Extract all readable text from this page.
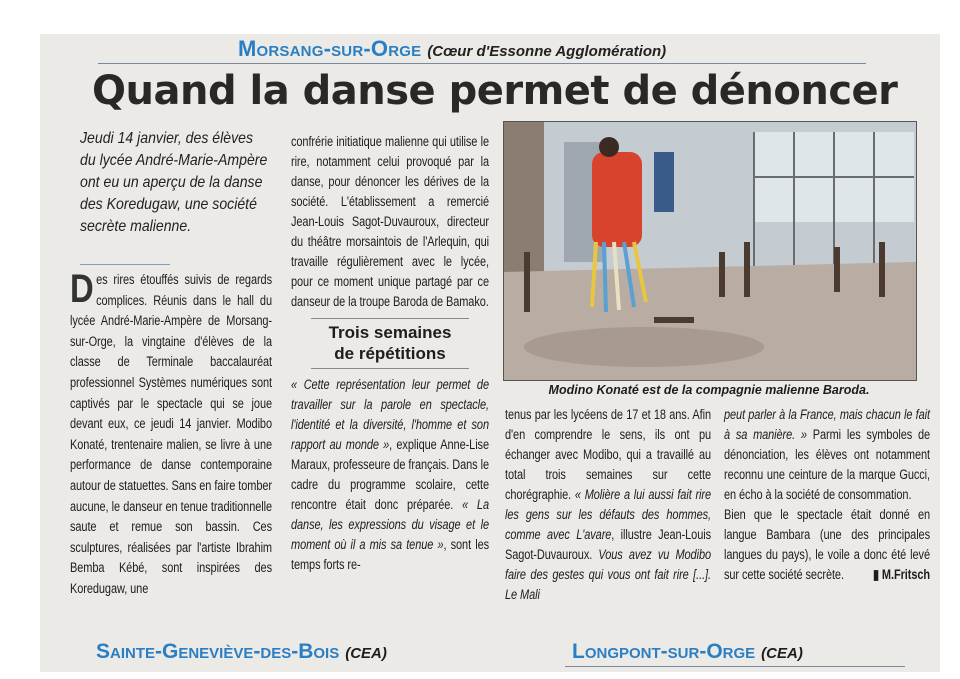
Morsang-sur-Orge (Cœur d'Essonne Agglomération)
Quand la danse permet de dénoncer
Jeudi 14 janvier, des élèves du lycée André-Marie-Ampère ont eu un aperçu de la danse des Koredugaw, une société secrète malienne.

Des rires étouffés suivis de regards complices. Réunis dans le hall du lycée André-Marie-Ampère de Morsang-sur-Orge, la vingtaine d'élèves de la classe de Terminale baccalauréat professionnel Systèmes numériques sont captivés par le spectacle qui se joue devant eux, ce jeudi 14 janvier. Modibo Konaté, trentenaire malien, se livre à une performance de danse contemporaine autour de statuettes. Sans en faire tomber aucune, le danseur en tenue traditionnelle saute et remue son bassin. Ces sculptures, réalisées par l'artiste Ibrahim Bemba Kébé, sont inspirées des Koredugaw, une

confrérie initiatique malienne qui utilise le rire, notamment celui provoqué par la danse, pour dénoncer les dérives de la société. L'établissement a remercié Jean-Louis Sagot-Duvauroux, directeur du théâtre morsaintois de l'Arlequin, qui travaille régulièrement avec le lycée, pour ce moment unique partagé par ce danseur de la troupe Baroda de Bamako.

Trois semaines
de répétitions

« Cette représentation leur permet de travailler sur la parole en spectacle, l'identité et la diversité, l'homme et son rapport au monde », explique Anne-Lise Maraux, professeure de français. Dans le cadre du programme scolaire, cette rencontre était donc préparée. « La danse, les expressions du visage et le moment où il a mis sa tenue », sont les temps forts re-

Modino Konaté est de la compagnie malienne Baroda.

tenus par les lycéens de 17 et 18 ans. Afin d'en comprendre le sens, ils ont pu échanger avec Modibo, qui a travaillé au total trois semaines sur cette chorégraphie. « Molière a lui aussi fait rire les gens sur les défauts des hommes, comme avec L'avare, illustre Jean-Louis Sagot-Duvauroux. Vous avez vu Modibo faire des gestes qui vous ont fait rire [...]. Le Mali

peut parler à la France, mais chacun le fait à sa manière. » Parmi les symboles de dénonciation, les élèves ont notamment reconnu une ceinture de la marque Gucci, en écho à la société de consommation.

Bien que le spectacle était donné en langue Bambara (une des principales langues du pays), le voile a donc été levé sur cette société secrète. ▮ M.Fritsch

Sainte-Geneviève-des-Bois (CEA)	Longpont-sur-Orge (CEA)
